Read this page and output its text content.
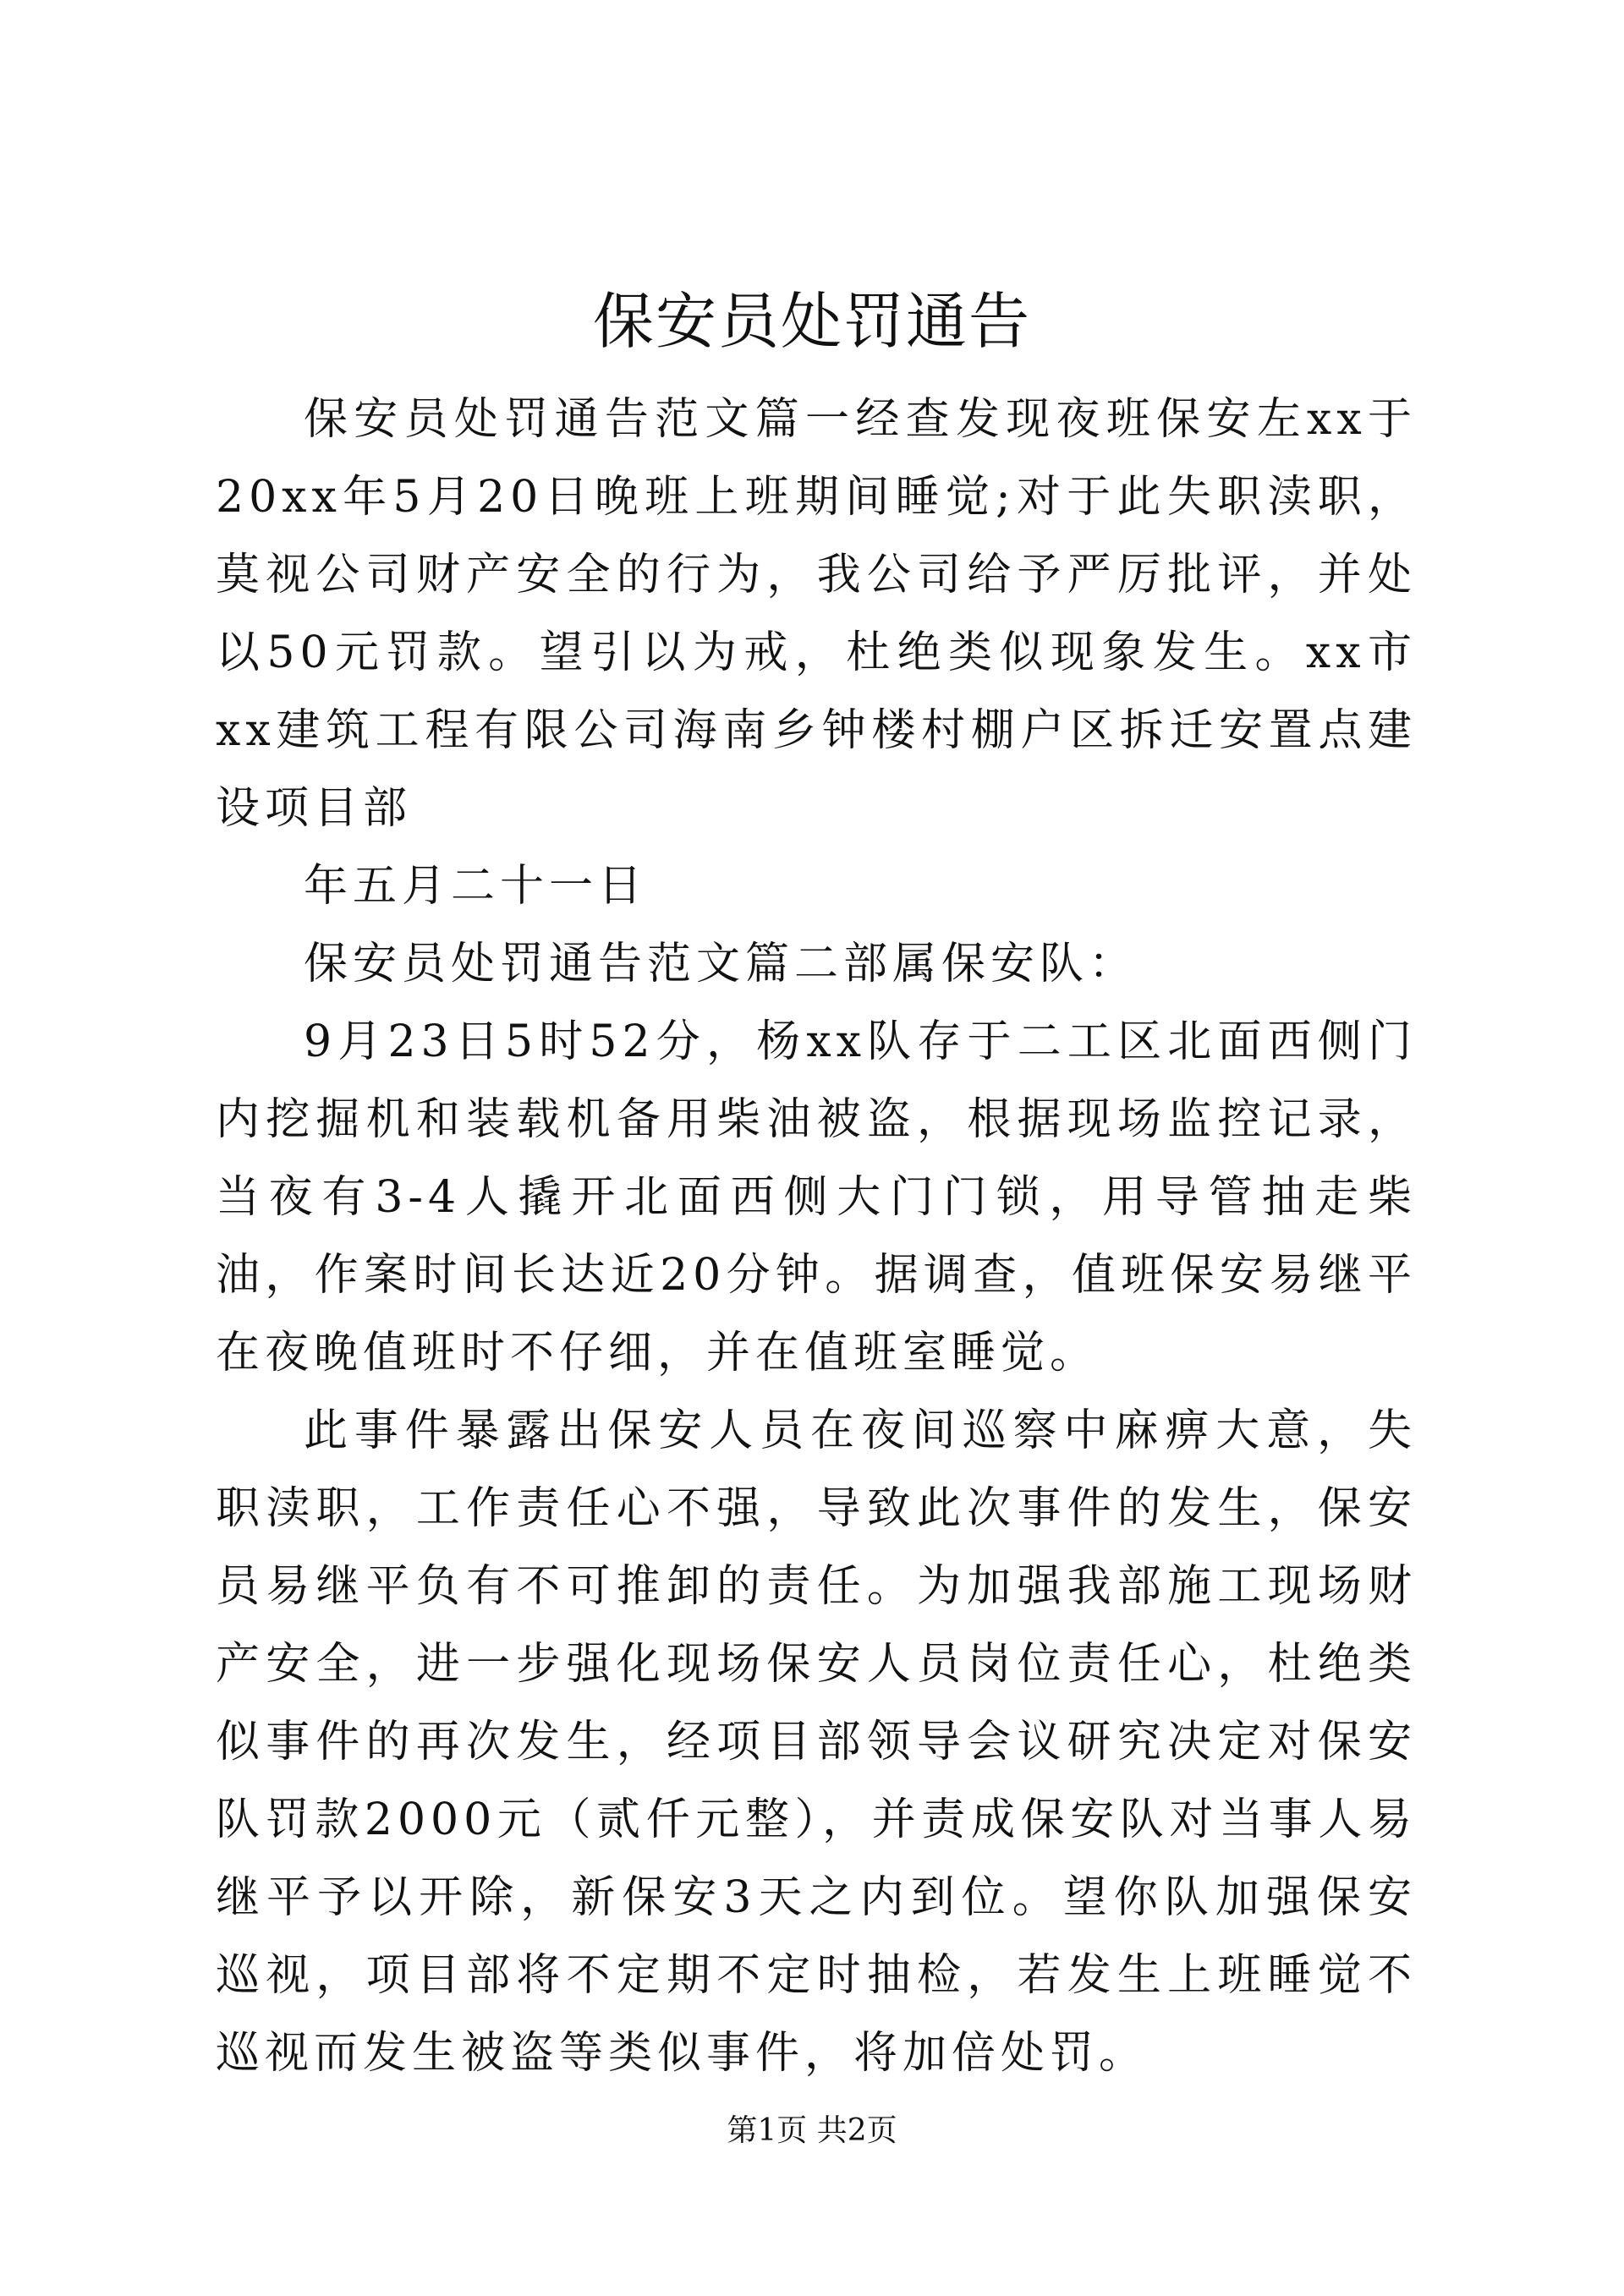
保安员处罚通告

保安员处罚通告范文篇一经查发现夜班保安左xx于20xx年5月20日晚班上班期间睡觉;对于此失职渎职，莫视公司财产安全的行为，我公司给予严厉批评，并处以50元罚款。望引以为戒，杜绝类似现象发生。xx市xx建筑工程有限公司海南乡钟楼村棚户区拆迁安置点建设项目部

年五月二十一日

保安员处罚通告范文篇二部属保安队：

9月23日5时52分，杨xx队存于二工区北面西侧门内挖掘机和装载机备用柴油被盗，根据现场监控记录，当夜有3-4人撬开北面西侧大门门锁，用导管抽走柴油，作案时间长达近20分钟。据调查，值班保安易继平在夜晚值班时不仔细，并在值班室睡觉。

此事件暴露出保安人员在夜间巡察中麻痹大意，失职渎职，工作责任心不强，导致此次事件的发生，保安员易继平负有不可推卸的责任。为加强我部施工现场财产安全，进一步强化现场保安人员岗位责任心，杜绝类似事件的再次发生，经项目部领导会议研究决定对保安队罚款2000元（贰仟元整），并责成保安队对当事人易继平予以开除，新保安3天之内到位。望你队加强保安巡视，项目部将不定期不定时抽检，若发生上班睡觉不巡视而发生被盗等类似事件，将加倍处罚。

第1页 共2页
